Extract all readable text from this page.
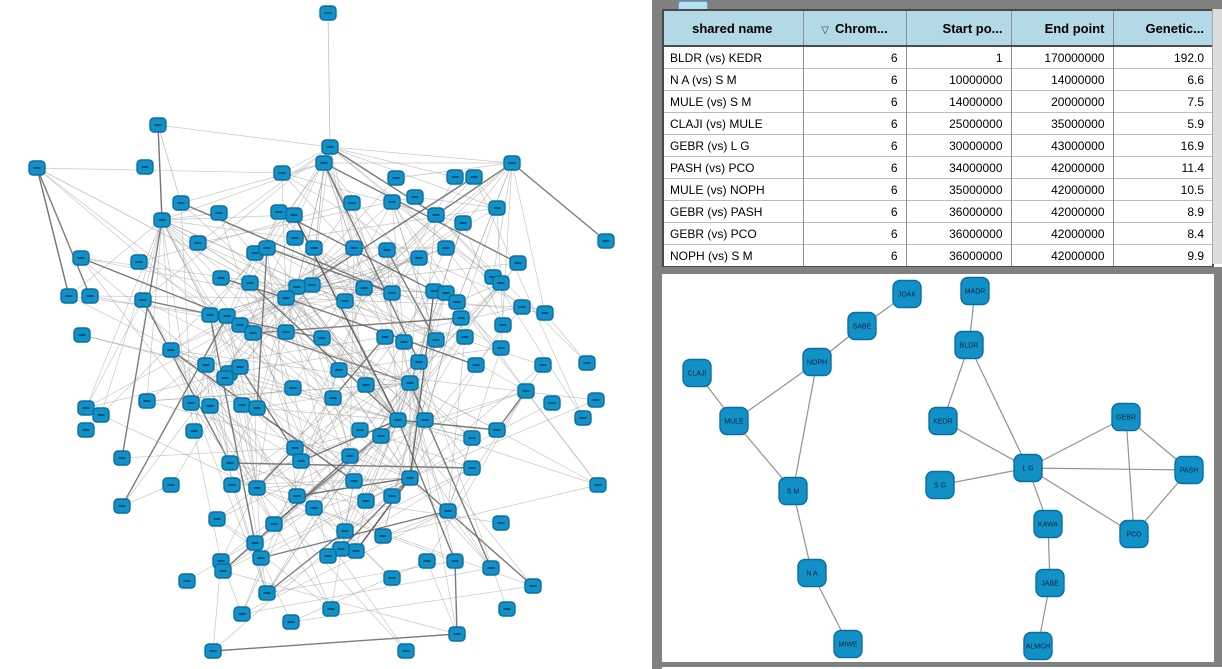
shared name	▽ Chrom...	Start po...	End point	Genetic...
BLDR (vs) KEDR	6	1	170000000	192.0
N A (vs) S M	6	10000000	14000000	6.6
MULE (vs) S M	6	14000000	20000000	7.5
CLAJI (vs) MULE	6	25000000	35000000	5.9
GEBR (vs) L G	6	30000000	43000000	16.9
PASH (vs) PCO	6	34000000	42000000	11.4
MULE (vs) NOPH	6	35000000	42000000	10.5
GEBR (vs) PASH	6	36000000	42000000	8.9
GEBR (vs) PCO	6	36000000	42000000	8.4
NOPH (vs) S M	6	36000000	42000000	9.9
JOAK	MADR
SABE
BLDR
NOPH
CLAJI
MULE	KEDR
GEBR
L G
S G
PASH
S M
KAWA
PCO
N A
JABE
MIWE	ALMCH
